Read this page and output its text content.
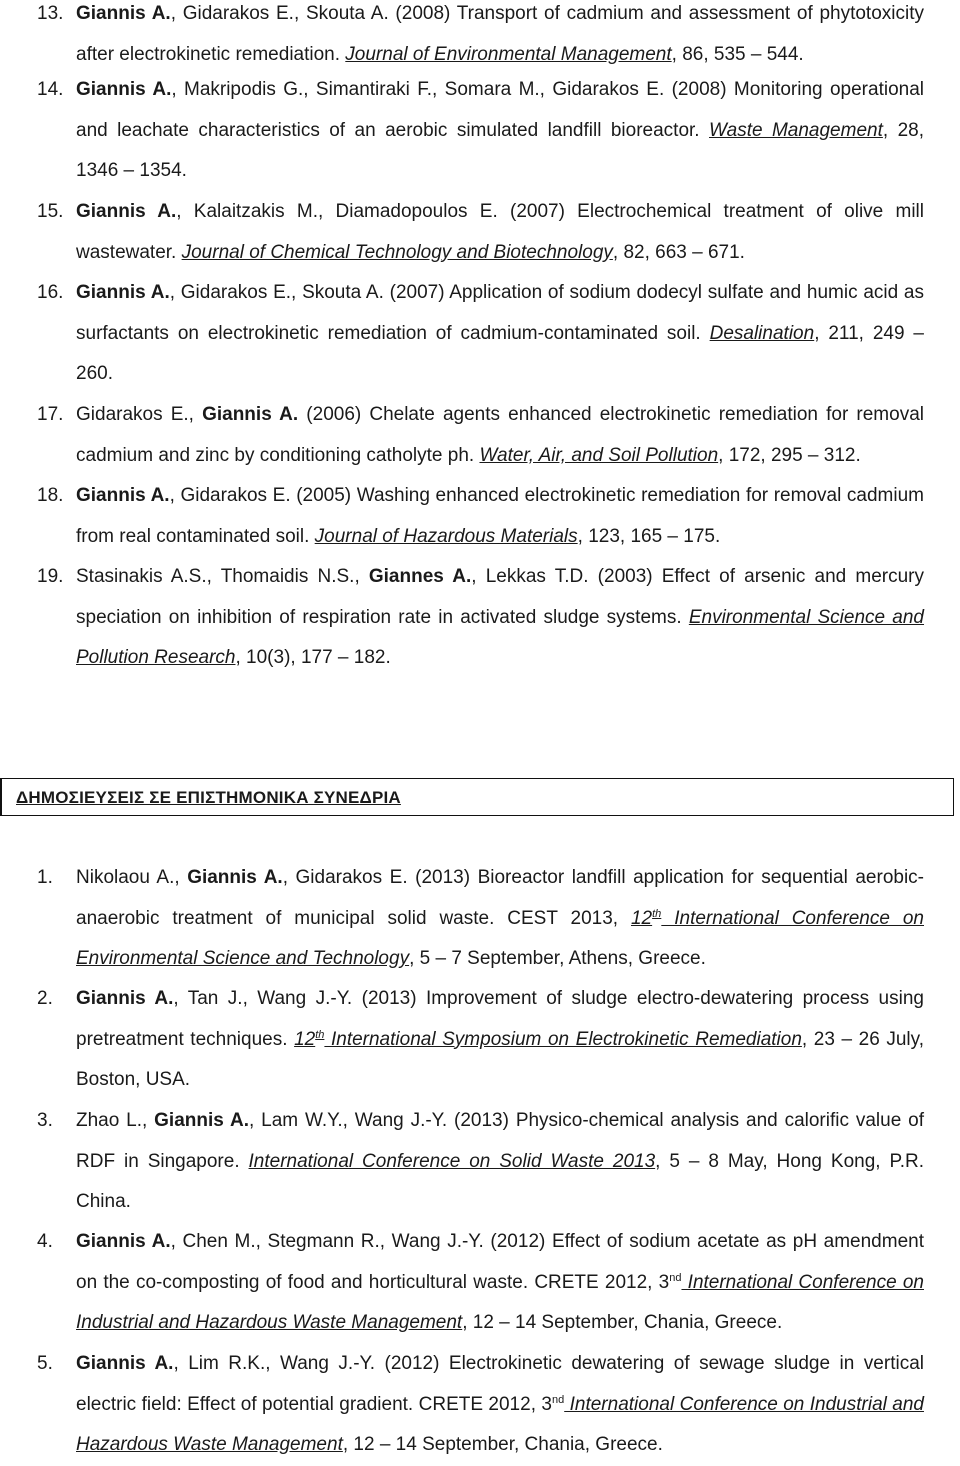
13. Giannis A., Gidarakos E., Skouta A. (2008) Transport of cadmium and assessment of phytotoxicity after electrokinetic remediation. Journal of Environmental Management, 86, 535 – 544.
14. Giannis A., Makripodis G., Simantiraki F., Somara M., Gidarakos E. (2008) Monitoring operational and leachate characteristics of an aerobic simulated landfill bioreactor. Waste Management, 28, 1346 – 1354.
15. Giannis A., Kalaitzakis M., Diamadopoulos E. (2007) Electrochemical treatment of olive mill wastewater. Journal of Chemical Technology and Biotechnology, 82, 663 – 671.
16. Giannis A., Gidarakos E., Skouta A. (2007) Application of sodium dodecyl sulfate and humic acid as surfactants on electrokinetic remediation of cadmium-contaminated soil. Desalination, 211, 249 – 260.
17. Gidarakos E., Giannis A. (2006) Chelate agents enhanced electrokinetic remediation for removal cadmium and zinc by conditioning catholyte ph. Water, Air, and Soil Pollution, 172, 295 – 312.
18. Giannis A., Gidarakos E. (2005) Washing enhanced electrokinetic remediation for removal cadmium from real contaminated soil. Journal of Hazardous Materials, 123, 165 – 175.
19. Stasinakis A.S., Thomaidis N.S., Giannes A., Lekkas T.D. (2003) Effect of arsenic and mercury speciation on inhibition of respiration rate in activated sludge systems. Environmental Science and Pollution Research, 10(3), 177 – 182.
ΔΗΜΟΣΙΕΥΣΕΙΣ ΣΕ ΕΠΙΣΤΗΜΟΝΙΚΑ ΣΥΝΕΔΡΙΑ
1. Nikolaou A., Giannis A., Gidarakos E. (2013) Bioreactor landfill application for sequential aerobic-anaerobic treatment of municipal solid waste. CEST 2013, 12th International Conference on Environmental Science and Technology, 5 – 7 September, Athens, Greece.
2. Giannis A., Tan J., Wang J.-Y. (2013) Improvement of sludge electro-dewatering process using pretreatment techniques. 12th International Symposium on Electrokinetic Remediation, 23 – 26 July, Boston, USA.
3. Zhao L., Giannis A., Lam W.Y., Wang J.-Y. (2013) Physico-chemical analysis and calorific value of RDF in Singapore. International Conference on Solid Waste 2013, 5 – 8 May, Hong Kong, P.R. China.
4. Giannis A., Chen M., Stegmann R., Wang J.-Y. (2012) Effect of sodium acetate as pH amendment on the co-composting of food and horticultural waste. CRETE 2012, 3nd International Conference on Industrial and Hazardous Waste Management, 12 – 14 September, Chania, Greece.
5. Giannis A., Lim R.K., Wang J.-Y. (2012) Electrokinetic dewatering of sewage sludge in vertical electric field: Effect of potential gradient. CRETE 2012, 3nd International Conference on Industrial and Hazardous Waste Management, 12 – 14 September, Chania, Greece.
